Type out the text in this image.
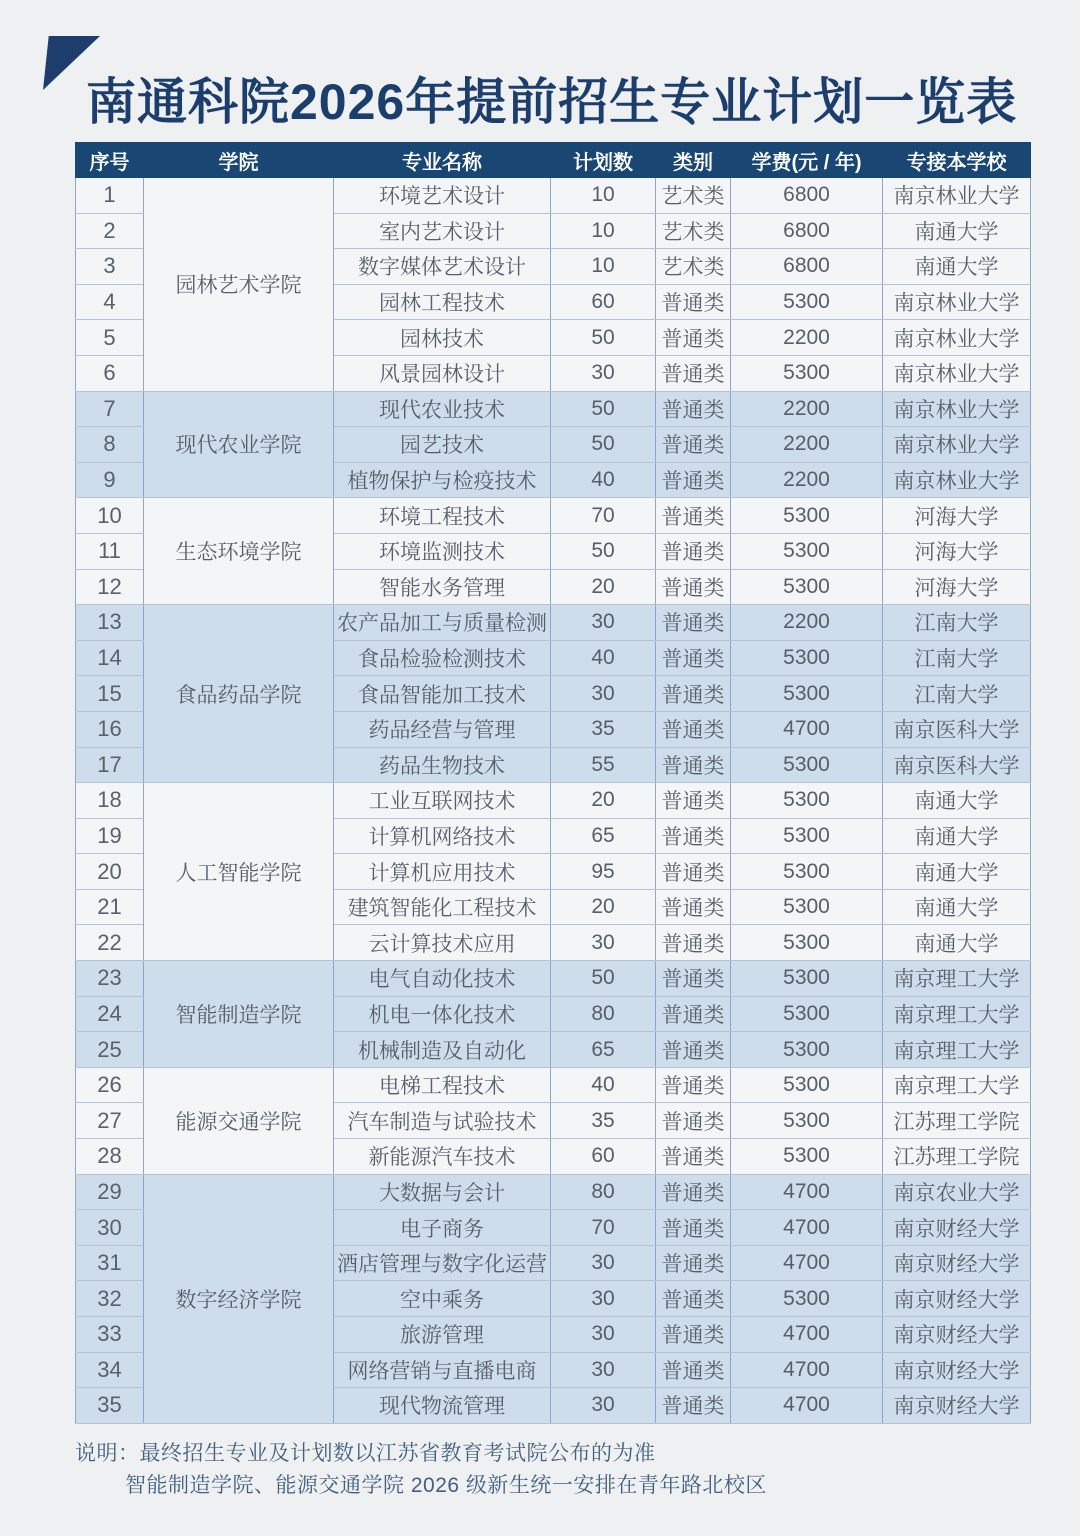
南通科院2026年提前招生专业计划一览表
序号	学院	专业名称	计划数	类别	学费(元 / 年)	专接本学校
1	园林艺术学院	环境艺术设计	10	艺术类	6800	南京林业大学
2		室内艺术设计	10	艺术类	6800	南通大学
3		数字媒体艺术设计	10	艺术类	6800	南通大学
4		园林工程技术	60	普通类	5300	南京林业大学
5		园林技术	50	普通类	2200	南京林业大学
6		风景园林设计	30	普通类	5300	南京林业大学
7	现代农业学院	现代农业技术	50	普通类	2200	南京林业大学
8		园艺技术	50	普通类	2200	南京林业大学
9		植物保护与检疫技术	40	普通类	2200	南京林业大学
10	生态环境学院	环境工程技术	70	普通类	5300	河海大学
11		环境监测技术	50	普通类	5300	河海大学
12		智能水务管理	20	普通类	5300	河海大学
13	食品药品学院	农产品加工与质量检测	30	普通类	2200	江南大学
14		食品检验检测技术	40	普通类	5300	江南大学
15		食品智能加工技术	30	普通类	5300	江南大学
16		药品经营与管理	35	普通类	4700	南京医科大学
17		药品生物技术	55	普通类	5300	南京医科大学
18	人工智能学院	工业互联网技术	20	普通类	5300	南通大学
19		计算机网络技术	65	普通类	5300	南通大学
20		计算机应用技术	95	普通类	5300	南通大学
21		建筑智能化工程技术	20	普通类	5300	南通大学
22		云计算技术应用	30	普通类	5300	南通大学
23	智能制造学院	电气自动化技术	50	普通类	5300	南京理工大学
24		机电一体化技术	80	普通类	5300	南京理工大学
25		机械制造及自动化	65	普通类	5300	南京理工大学
26	能源交通学院	电梯工程技术	40	普通类	5300	南京理工大学
27		汽车制造与试验技术	35	普通类	5300	江苏理工学院
28		新能源汽车技术	60	普通类	5300	江苏理工学院
29	数字经济学院	大数据与会计	80	普通类	4700	南京农业大学
30		电子商务	70	普通类	4700	南京财经大学
31		酒店管理与数字化运营	30	普通类	4700	南京财经大学
32		空中乘务	30	普通类	5300	南京财经大学
33		旅游管理	30	普通类	4700	南京财经大学
34		网络营销与直播电商	30	普通类	4700	南京财经大学
35		现代物流管理	30	普通类	4700	南京财经大学

说明：最终招生专业及计划数以江苏省教育考试院公布的为准

智能制造学院、能源交通学院 2026 级新生统一安排在青年路北校区
